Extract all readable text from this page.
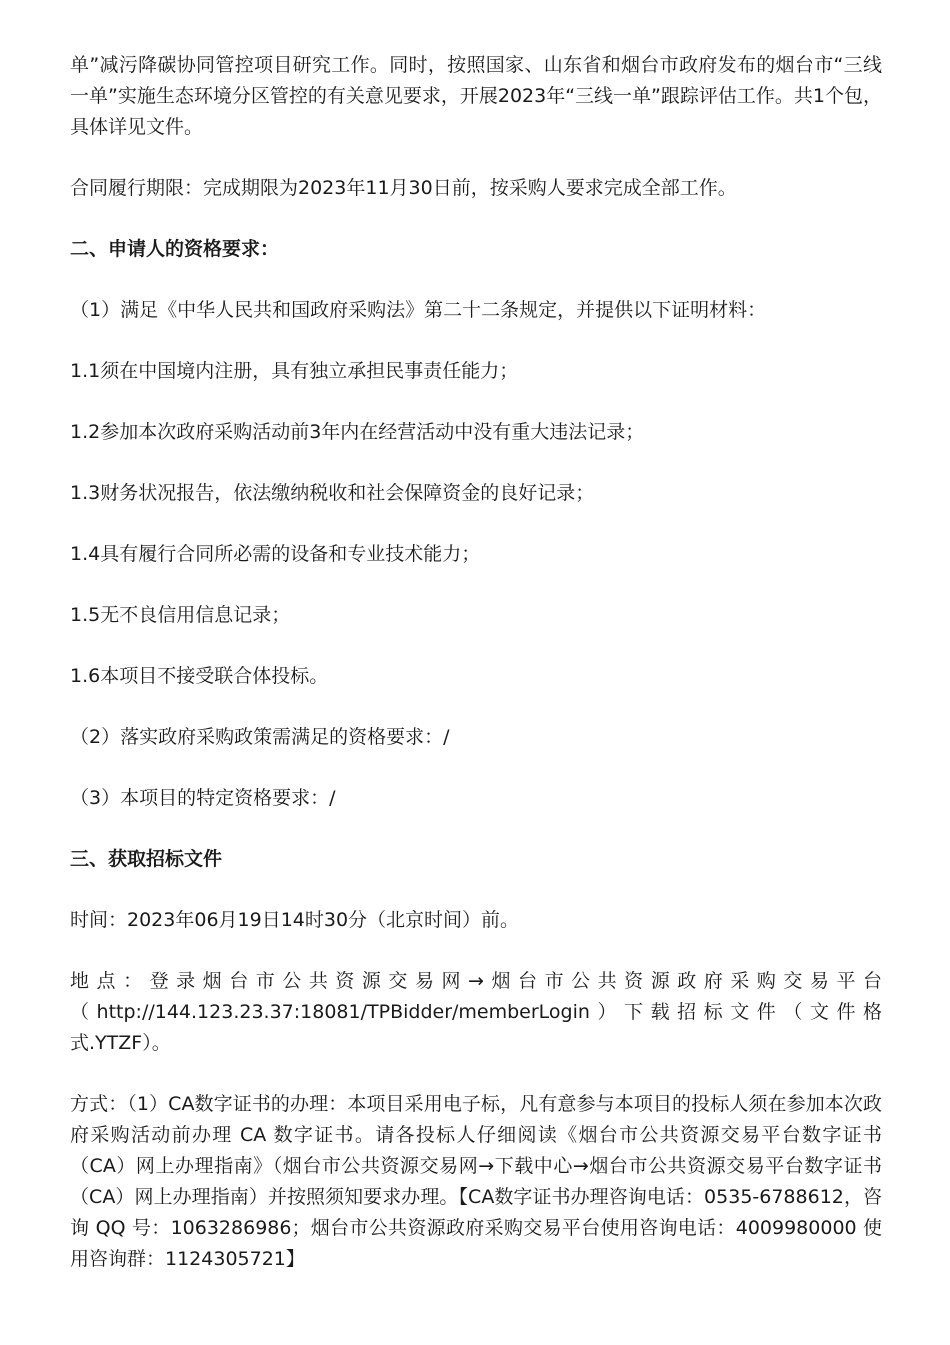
单”减污降碳协同管控项目研究工作。同时，按照国家、山东省和烟台市政府发布的烟台市“三线一单”实施生态环境分区管控的有关意见要求，开展2023年“三线一单”跟踪评估工作。共1个包，具体详见文件。

合同履行期限：完成期限为2023年11月30日前，按采购人要求完成全部工作。

二、申请人的资格要求：

（1）满足《中华人民共和国政府采购法》第二十二条规定，并提供以下证明材料：

1.1须在中国境内注册，具有独立承担民事责任能力；

1.2参加本次政府采购活动前3年内在经营活动中没有重大违法记录；

1.3财务状况报告，依法缴纳税收和社会保障资金的良好记录；

1.4具有履行合同所必需的设备和专业技术能力；

1.5无不良信用信息记录；

1.6本项目不接受联合体投标。

（2）落实政府采购政策需满足的资格要求：/

（3）本项目的特定资格要求：/

三、获取招标文件

时间：2023年06月19日14时30分（北京时间）前。

地点：登录烟台市公共资源交易网→烟台市公共资源政府采购交易平台（http://144.123.23.37:18081/TPBidder/memberLogin）下载招标文件（文件格式.YTZF）。

方式：（1）CA数字证书的办理：本项目采用电子标，凡有意参与本项目的投标人须在参加本次政府采购活动前办理 CA 数字证书。请各投标人仔细阅读《烟台市公共资源交易平台数字证书（CA）网上办理指南》（烟台市公共资源交易网→下载中心→烟台市公共资源交易平台数字证书（CA）网上办理指南）并按照须知要求办理。【CA数字证书办理咨询电话：0535-6788612，咨询 QQ 号：1063286986；烟台市公共资源政府采购交易平台使用咨询电话：4009980000 使用咨询群：1124305721】
